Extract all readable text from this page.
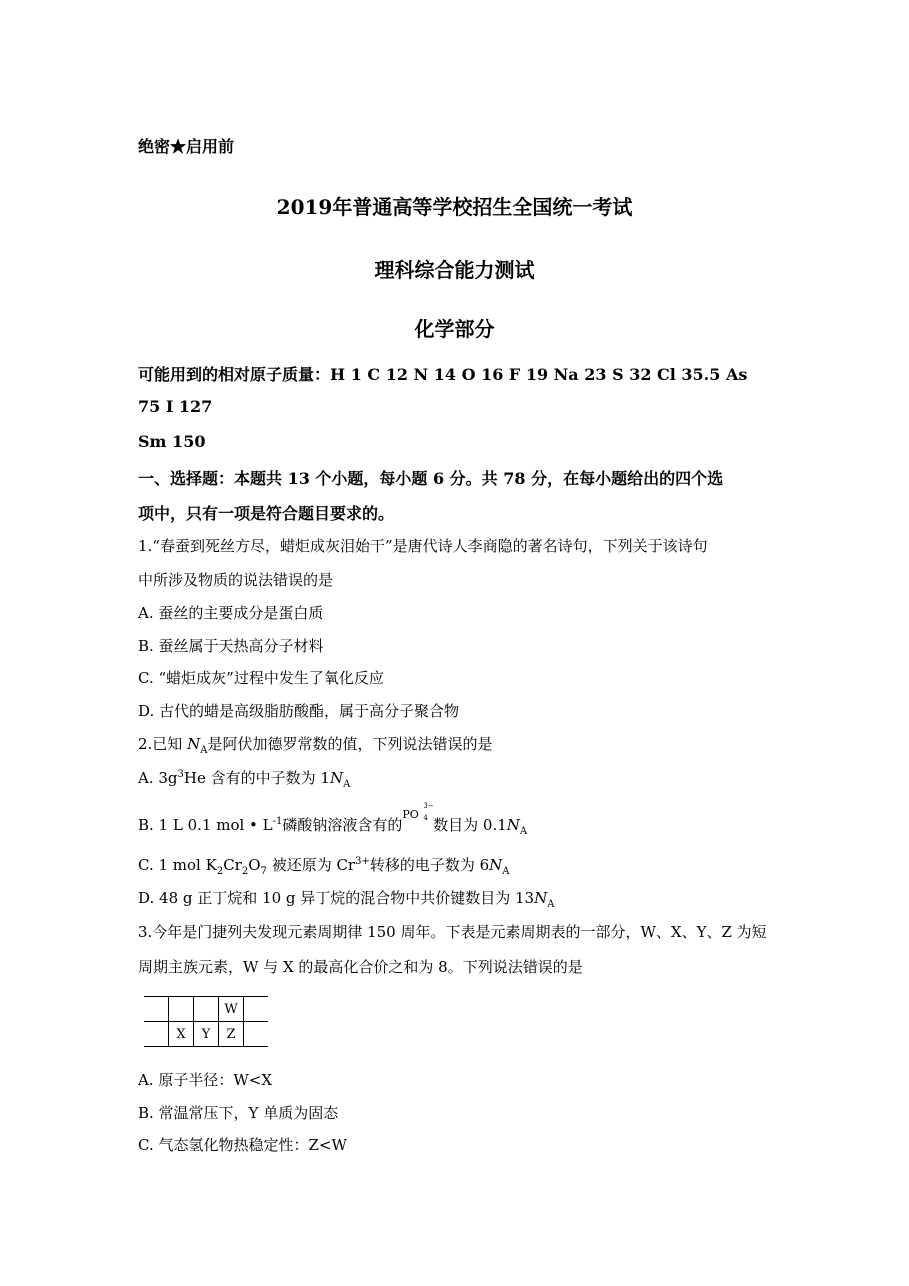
绝密★启用前
2019年普通高等学校招生全国统一考试
理科综合能力测试
化学部分
可能用到的相对原子质量：H 1 C 12 N 14 O 16 F 19 Na 23 S 32 Cl 35.5 As
75 I 127
Sm 150
一、选择题：本题共 13 个小题，每小题 6 分。共 78 分，在每小题给出的四个选
项中，只有一项是符合题目要求的。
1.“春蚕到死丝方尽，蜡炬成灰泪始干”是唐代诗人李商隐的著名诗句，下列关于该诗句
中所涉及物质的说法错误的是
A. 蚕丝的主要成分是蛋白质
B. 蚕丝属于天热高分子材料
C. “蜡炬成灰”过程中发生了氧化反应
D. 古代的蜡是高级脂肪酸酯，属于高分子聚合物
2.已知 $N_A$是阿伏加德罗常数的值，下列说法错误的是
A. $3g^3He$ 含有的中子数为 $1N_A$
B. 1 L 0.1 mol • $L^{-1}$磷酸钠溶液含有的
PO
3−
4 数目为 $0.1N_A$
C. 1 mol $K_2Cr_2O_7$ 被还原为 $Cr^{3+}$转移的电子数为 $6N_A$
D. 48 g 正丁烷和 10 g 异丁烷的混合物中共价键数目为 $13N_A$
3.今年是门捷列夫发现元素周期律 150 周年。下表是元素周期表的一部分，W、X、Y、Z 为短
周期主族元素，W 与 X 的最高化合价之和为 8。下列说法错误的是
			W	
	X	Y	Z	
A. 原子半径：W<X
B. 常温常压下，Y 单质为固态
C. 气态氢化物热稳定性：Z<W
